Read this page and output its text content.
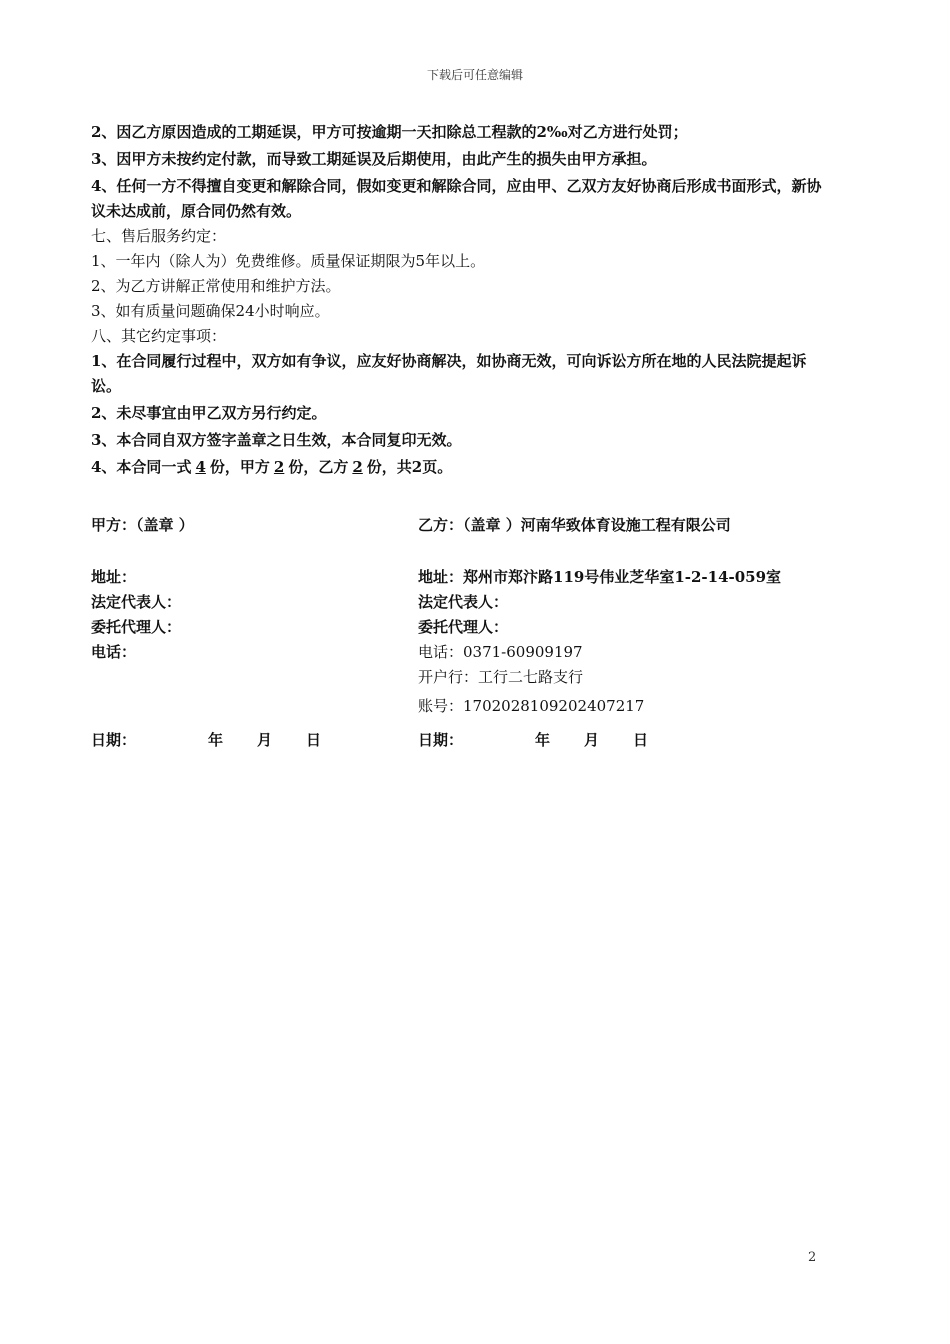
下载后可任意编辑

2、因乙方原因造成的工期延误，甲方可按逾期一天扣除总工程款的2‰对乙方进行处罚；

3、因甲方未按约定付款，而导致工期延误及后期使用，由此产生的损失由甲方承担。

4、任何一方不得擅自变更和解除合同，假如变更和解除合同，应由甲、乙双方友好协商后形成书面形式，新协议未达成前，原合同仍然有效。

七、售后服务约定：

1、一年内（除人为）免费维修。质量保证期限为5年以上。

2、为乙方讲解正常使用和维护方法。

3、如有质量问题确保24小时响应。

八、其它约定事项：

1、在合同履行过程中，双方如有争议，应友好协商解决，如协商无效，可向诉讼方所在地的人民法院提起诉讼。

2、未尽事宜由甲乙双方另行约定。

3、本合同自双方签字盖章之日生效，本合同复印无效。

4、本合同一式 4 份，甲方 2 份，乙方 2 份，共2页。

甲方：（盖章 ）	乙方：（盖章 ）河南华致体育设施工程有限公司
地址：	地址：郑州市郑汴路119号伟业芝华室1-2-14-059室
法定代表人：	法定代表人：
委托代理人：	委托代理人：
电话：	电话：0371-60909197
开户行：工行二七路支行
账号：1702028109202407217
日期：	年 月 日	日期：	年 月 日
2
